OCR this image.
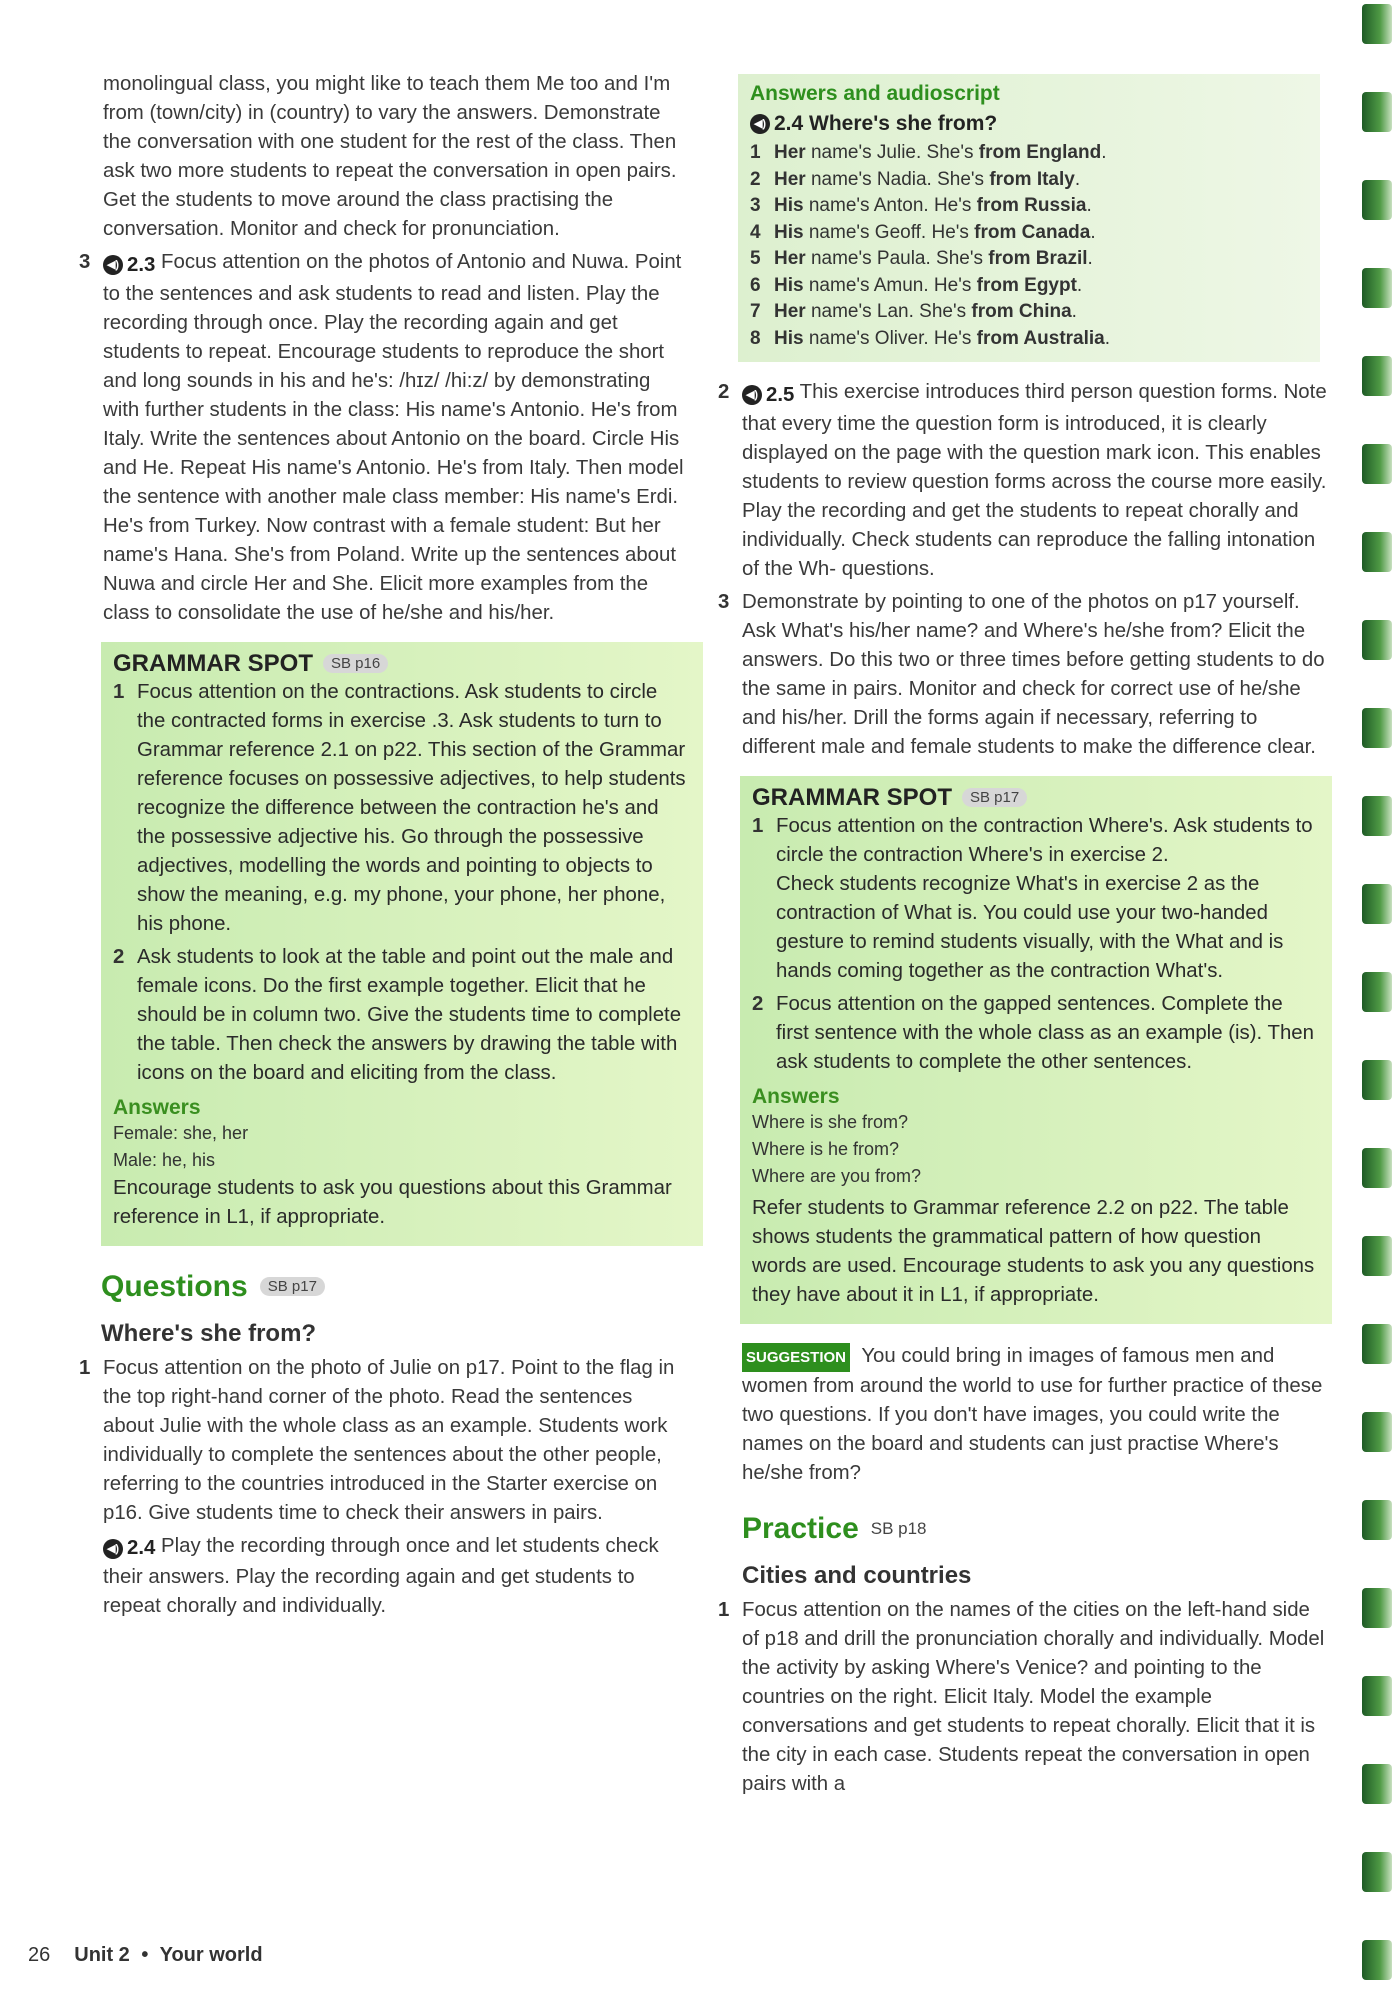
monolingual class, you might like to teach them Me too and I'm from (town/city) in (country) to vary the answers. Demonstrate the conversation with one student for the rest of the class. Then ask two more students to repeat the conversation in open pairs. Get the students to move around the class practising the conversation. Monitor and check for pronunciation.
3	◀) 2.3 Focus attention on the photos of Antonio and Nuwa. Point to the sentences and ask students to read and listen. Play the recording through once. Play the recording again and get students to repeat. Encourage students to reproduce the short and long sounds in his and he's: /hɪz/ /hi:z/ by demonstrating with further students in the class: His name's Antonio. He's from Italy. Write the sentences about Antonio on the board. Circle His and He. Repeat His name's Antonio. He's from Italy. Then model the sentence with another male class member: His name's Erdi. He's from Turkey. Now contrast with a female student: But her name's Hana. She's from Poland. Write up the sentences about Nuwa and circle Her and She. Elicit more examples from the class to consolidate the use of he/she and his/her.
GRAMMAR SPOT	SB p16
1 Focus attention on the contractions. Ask students to circle the contracted forms in exercise .3. Ask students to turn to Grammar reference 2.1 on p22. This section of the Grammar reference focuses on possessive adjectives, to help students recognize the difference between the contraction he's and the possessive adjective his. Go through the possessive adjectives, modelling the words and pointing to objects to show the meaning, e.g. my phone, your phone, her phone, his phone.
2 Ask students to look at the table and point out the male and female icons. Do the first example together. Elicit that he should be in column two. Give the students time to complete the table. Then check the answers by drawing the table with icons on the board and eliciting from the class.
Answers
Female: she, her
Male: he, his
Encourage students to ask you questions about this Grammar reference in L1, if appropriate.
Questions	SB p17
Where's she from?
1 Focus attention on the photo of Julie on p17. Point to the flag in the top right-hand corner of the photo. Read the sentences about Julie with the whole class as an example. Students work individually to complete the sentences about the other people, referring to the countries introduced in the Starter exercise on p16. Give students time to check their answers in pairs.
◀) 2.4 Play the recording through once and let students check their answers. Play the recording again and get students to repeat chorally and individually.
Answers and audioscript
◀) 2.4 Where's she from?
1 Her name's Julie. She's from England.
2 Her name's Nadia. She's from Italy.
3 His name's Anton. He's from Russia.
4 His name's Geoff. He's from Canada.
5 Her name's Paula. She's from Brazil.
6 His name's Amun. He's from Egypt.
7 Her name's Lan. She's from China.
8 His name's Oliver. He's from Australia.
2	◀) 2.5 This exercise introduces third person question forms. Note that every time the question form is introduced, it is clearly displayed on the page with the question mark icon. This enables students to review question forms across the course more easily. Play the recording and get the students to repeat chorally and individually. Check students can reproduce the falling intonation of the Wh- questions.
3 Demonstrate by pointing to one of the photos on p17 yourself. Ask What's his/her name? and Where's he/she from? Elicit the answers. Do this two or three times before getting students to do the same in pairs. Monitor and check for correct use of he/she and his/her. Drill the forms again if necessary, referring to different male and female students to make the difference clear.
GRAMMAR SPOT	SB p17
1 Focus attention on the contraction Where's. Ask students to circle the contraction Where's in exercise 2.
Check students recognize What's in exercise 2 as the contraction of What is. You could use your two-handed gesture to remind students visually, with the What and is hands coming together as the contraction What's.
2 Focus attention on the gapped sentences. Complete the first sentence with the whole class as an example (is). Then ask students to complete the other sentences.
Answers
Where is she from?
Where is he from?
Where are you from?
Refer students to Grammar reference 2.2 on p22. The table shows students the grammatical pattern of how question words are used. Encourage students to ask you any questions they have about it in L1, if appropriate.
SUGGESTION You could bring in images of famous men and women from around the world to use for further practice of these two questions. If you don't have images, you could write the names on the board and students can just practise Where's he/she from?
Practice SB p18
Cities and countries
1 Focus attention on the names of the cities on the left-hand side of p18 and drill the pronunciation chorally and individually. Model the activity by asking Where's Venice? and pointing to the countries on the right. Elicit Italy. Model the example conversations and get students to repeat chorally. Elicit that it is the city in each case. Students repeat the conversation in open pairs with a
26 Unit 2 • Your world
